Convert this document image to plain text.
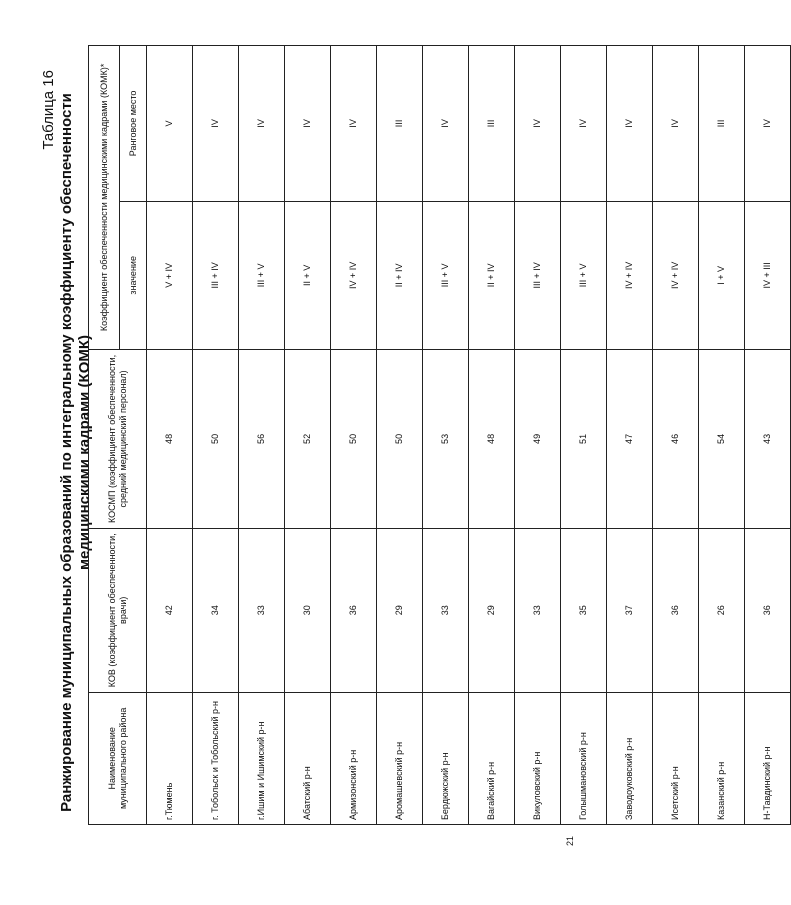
Таблица 16 Ранжирование муниципальных образований по интегральному коэффициенту обеспеченности медицинскими кадрами (КОМК)
Наименование муниципального района	КОВ (коэффициент обеспеченности, врачи)	КОСМП (коэффициент обеспеченности, средний медицинский персонал)	Коэффициент обеспеченности медицинскими кадрами (КОМК)*	
			значение	Ранговое место
г.Тюмень	42	48	V + IV	V
г. Тобольск и Тобольский р-н	34	50	III + IV	IV
г.Ишим и Ишимский р-н	33	56	III + V	IV
Абатский р-н	30	52	II + V	IV
Армизонский р-н	36	50	IV + IV	IV
Аромашевский р-н	29	50	II + IV	III
Бердюжский р-н	33	53	III + V	IV
Вагайский р-н	29	48	II + IV	III
Викуловский р-н	33	49	III + IV	IV
Голышмановский р-н	35	51	III + V	IV
Заводоуковский р-н	37	47	IV + IV	IV
Исетский р-н	36	46	IV + IV	IV
Казанский р-н	26	54	I + V	III
Н-Тавдинский р-н	36	43	IV + III	IV
21
